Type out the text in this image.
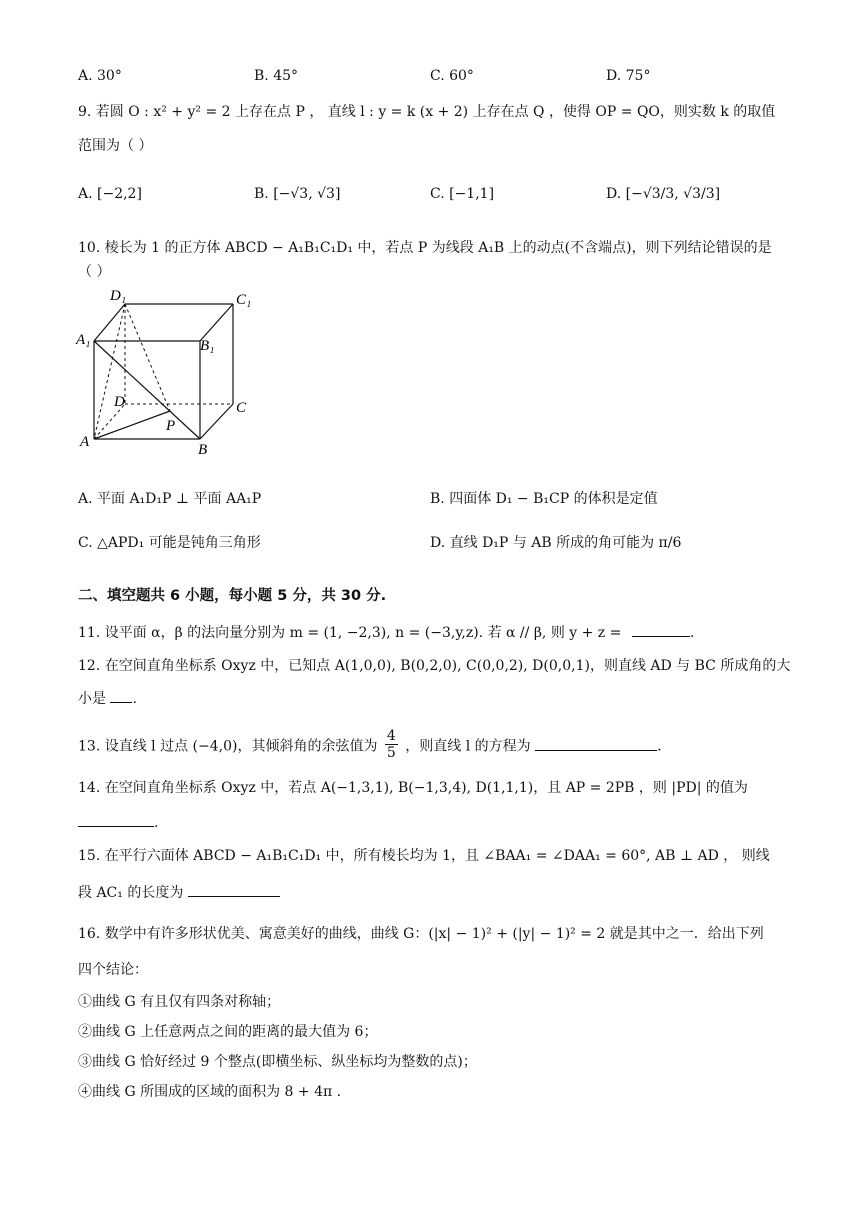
A. 30°	B. 45°	C. 60°	D. 75°
9. 若圆 O : x² + y² = 2 上存在点 P ， 直线 l : y = k (x + 2) 上存在点 Q ，使得 OP = QO，则实数 k 的取值
范围为（ ）
A. [−2,2]	B. [−√3, √3]	C. [−1,1]	D. [−√3/3, √3/3]
10. 棱长为 1 的正方体 ABCD − A₁B₁C₁D₁ 中，若点 P 为线段 A₁B 上的动点(不含端点)，则下列结论错误的是
（ ）
D₁	C₁
A₁	B₁
D	C
A	B
P
A. 平面 A₁D₁P ⊥ 平面 AA₁P	B. 四面体 D₁ − B₁CP 的体积是定值
C. △APD₁ 可能是钝角三角形	D. 直线 D₁P 与 AB 所成的角可能为 π/6
二、填空题共 6 小题，每小题 5 分，共 30 分.
11. 设平面 α，β 的法向量分别为 m = (1, −2,3), n = (−3,y,z). 若 α // β, 则 y + z =	.
12. 在空间直角坐标系 Oxyz 中，已知点 A(1,0,0), B(0,2,0), C(0,0,2), D(0,0,1)，则直线 AD 与 BC 所成角的大
小是 .
13. 设直线 l 过点 (−4,0)，其倾斜角的余弦值为 $\frac{4}{5}$ ，则直线 l 的方程为	.
14. 在空间直角坐标系 Oxyz 中，若点 A(−1,3,1), B(−1,3,4), D(1,1,1)，且 AP = 2PB ，则 |PD| 的值为
.
15. 在平行六面体 ABCD − A₁B₁C₁D₁ 中，所有棱长均为 1，且 ∠BAA₁ = ∠DAA₁ = 60°, AB ⊥ AD ， 则线
段 AC₁ 的长度为
16. 数学中有许多形状优美、寓意美好的曲线，曲线 G：(|x| − 1)² + (|y| − 1)² = 2 就是其中之一．给出下列
四个结论：
①曲线 G 有且仅有四条对称轴；
②曲线 G 上任意两点之间的距离的最大值为 6；
③曲线 G 恰好经过 9 个整点(即横坐标、纵坐标均为整数的点)；
④曲线 G 所围成的区域的面积为 8 + 4π .
